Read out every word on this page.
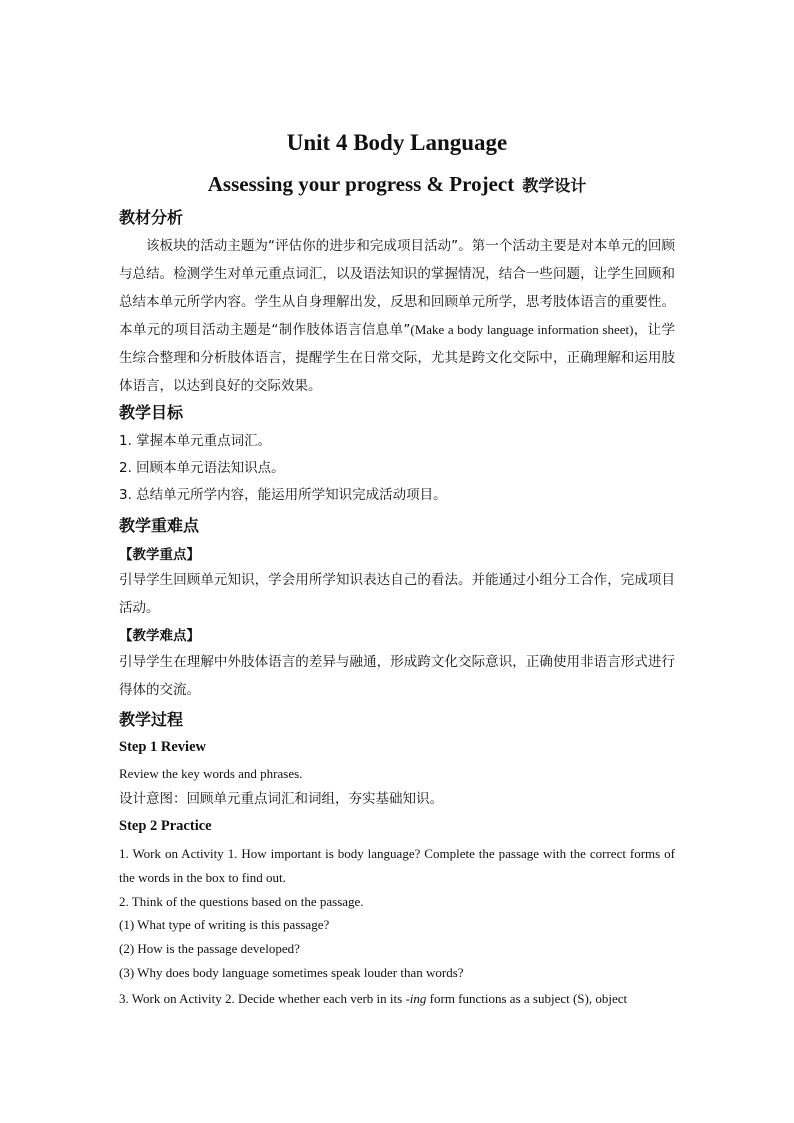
Unit 4 Body Language
Assessing your progress & Project 教学设计
教材分析
该板块的活动主题为“评估你的进步和完成项目活动”。第一个活动主要是对本单元的回顾与总结。检测学生对单元重点词汇，以及语法知识的掌握情况，结合一些问题，让学生回顾和总结本单元所学内容。学生从自身理解出发，反思和回顾单元所学，思考肢体语言的重要性。本单元的项目活动主题是“制作肢体语言信息单”(Make a body language information sheet)，让学生综合整理和分析肢体语言，提醒学生在日常交际，尤其是跨文化交际中，正确理解和运用肢体语言，以达到良好的交际效果。
教学目标
1. 掌握本单元重点词汇。
2. 回顾本单元语法知识点。
3. 总结单元所学内容，能运用所学知识完成活动项目。
教学重难点
【教学重点】
引导学生回顾单元知识，学会用所学知识表达自己的看法。并能通过小组分工合作，完成项目活动。
【教学难点】
引导学生在理解中外肢体语言的差异与融通，形成跨文化交际意识，正确使用非语言形式进行得体的交流。
教学过程
Step 1 Review
Review the key words and phrases.
设计意图：回顾单元重点词汇和词组，夯实基础知识。
Step 2 Practice
1. Work on Activity 1. How important is body language? Complete the passage with the correct forms of the words in the box to find out.
2. Think of the questions based on the passage.
(1) What type of writing is this passage?
(2) How is the passage developed?
(3) Why does body language sometimes speak louder than words?
3. Work on Activity 2. Decide whether each verb in its -ing form functions as a subject (S), object
